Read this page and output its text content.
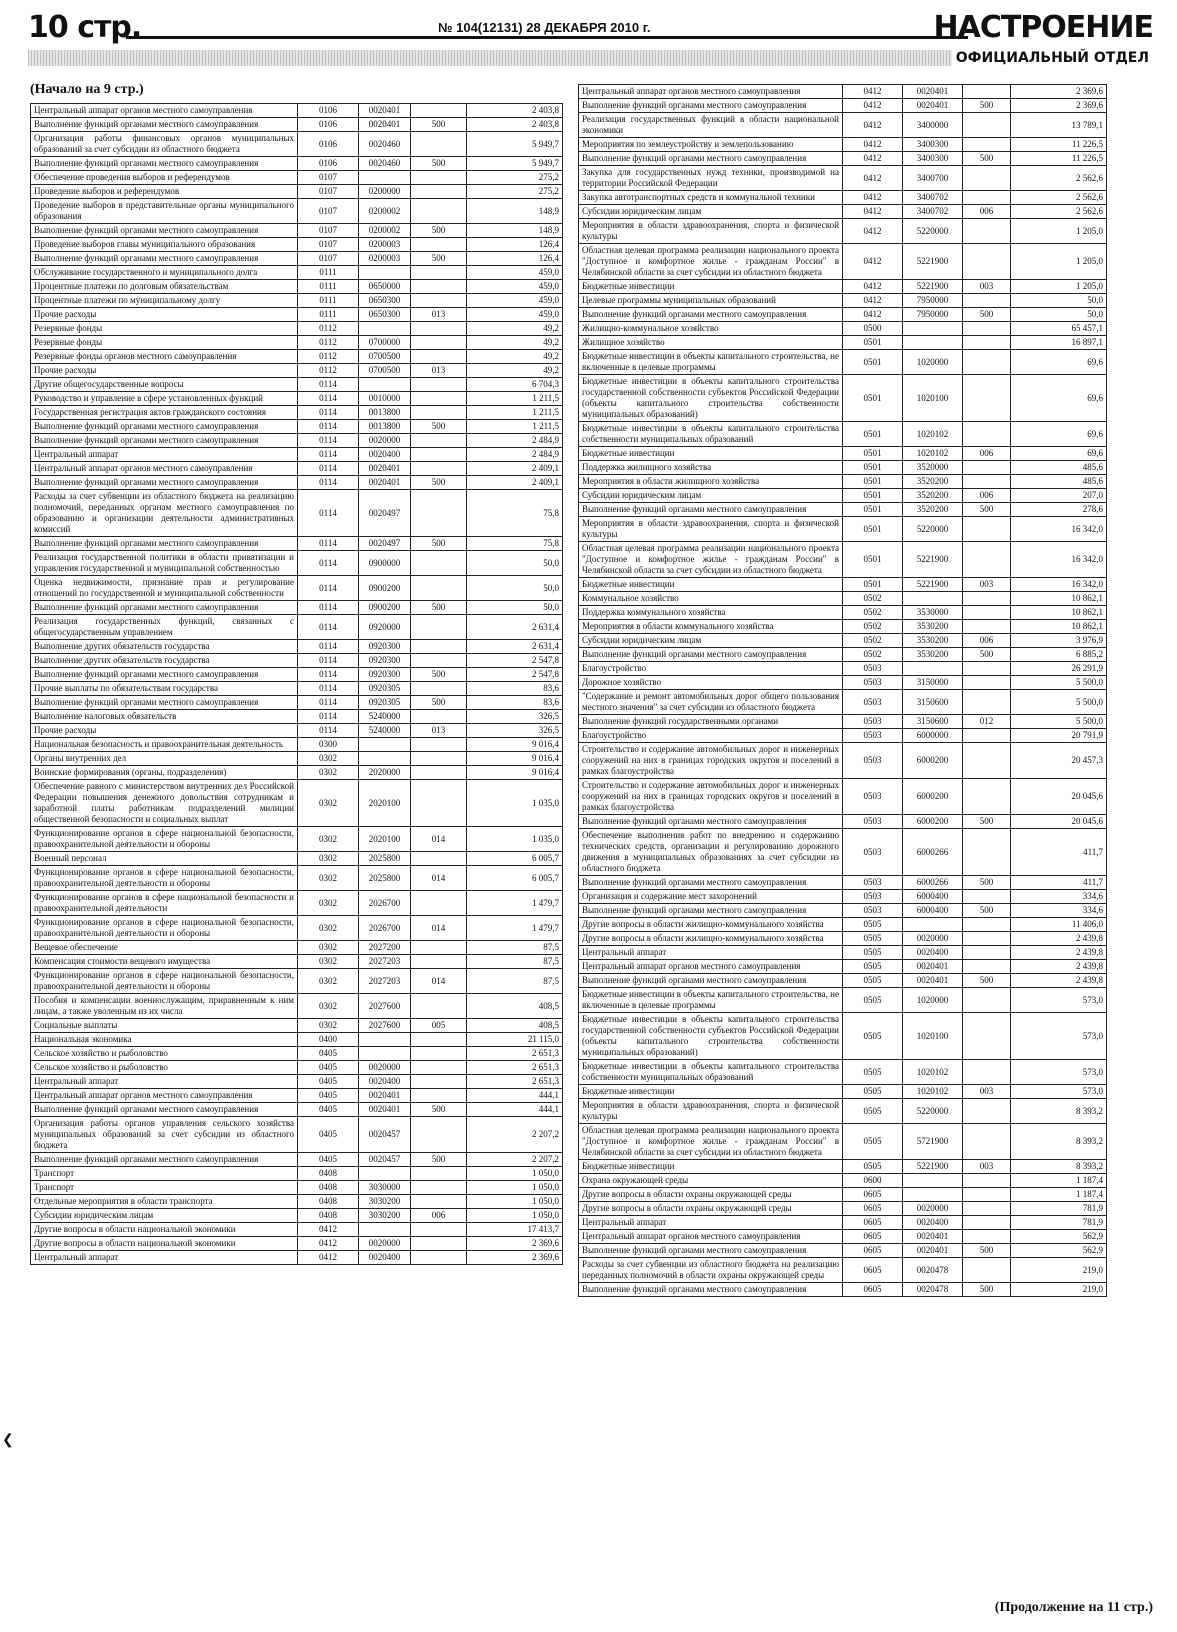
10 стр.	№ 104(12131) 28 ДЕКАБРЯ 2010 г.	НАСТРОЕНИЕ
ОФИЦИАЛЬНЫЙ ОТДЕЛ
(Начало на 9 стр.)
Центральный аппарат органов местного самоуправления	0106	0020401		2 403,8
Выполнение функций органами местного самоуправления	0106	0020401	500	2 403,8
Организация работы финансовых органов муниципальных образований за счет субсидии из областного бюджета	0106	0020460		5 949,7
Выполнение функций органами местного самоуправления	0106	0020460	500	5 949,7
Обеспечение проведения выборов и референдумов	0107			275,2
Проведение выборов и референдумов	0107	0200000		275,2
Проведение выборов в представительные органы муниципального образования	0107	0200002		148,9
Выполнение функций органами местного самоуправления	0107	0200002	500	148,9
Проведение выборов главы муниципального образования	0107	0200003		126,4
Выполнение функций органами местного самоуправления	0107	0200003	500	126,4
Обслуживание государственного и муниципального долга	0111			459,0
Процентные платежи по долговым обязательствам	0111	0650000		459,0
Процентные платежи по муниципальному долгу	0111	0650300		459,0
Прочие расходы	0111	0650300	013	459,0
Резервные фонды	0112			49,2
Резервные фонды	0112	0700000		49,2
Резервные фонды органов местного самоуправления	0112	0700500		49,2
Прочие расходы	0112	0700500	013	49,2
Другие общегосударственные вопросы	0114			6 704,3
Руководство и управление в сфере установленных функций	0114	0010000		1 211,5
Государственная регистрация актов гражданского состояния	0114	0013800		1 211,5
Выполнение функций органами местного самоуправления	0114	0013800	500	1 211,5
Выполнение функций органами местного самоуправления	0114	0020000		2 484,9
Центральный аппарат	0114	0020400		2 484,9
Центральный аппарат органов местного самоуправления	0114	0020401		2 409,1
Выполнение функций органами местного самоуправления	0114	0020401	500	2 409,1
Расходы за счет субвенции из областного бюджета на реализацию полномочий, переданных органам местного самоуправления по образованию и организации деятельности административных комиссий	0114	0020497		75,8
Выполнение функций органами местного самоуправления	0114	0020497	500	75,8
Реализация государственной политики в области приватизации и управления государственной и муниципальной собственностью	0114	0900000		50,0
Оценка недвижимости, признание прав и регулирование отношений по государственной и муниципальной собственности	0114	0900200		50,0
Выполнение функций органами местного самоуправления	0114	0900200	500	50,0
Реализация государственных функций, связанных с общегосударственным управлением	0114	0920000		2 631,4
Выполнение других обязательств государства	0114	0920300		2 631,4
Выполнение других обязательств государства	0114	0920300		2 547,8
Выполнение функций органами местного самоуправления	0114	0920300	500	2 547,8
Прочие выплаты по обязательствам государства	0114	0920305		83,6
Выполнение функций органами местного самоуправления	0114	0920305	500	83,6
Выполнение налоговых обязательств	0114	5240000		326,5
Прочие расходы	0114	5240000	013	326,5
Национальная безопасность и правоохранительная деятельность	0300			9 016,4
Органы внутренних дел	0302			9 016,4
Воинские формирования (органы, подразделения)	0302	2020000		9 016,4
Обеспечение равного с министерством внутренних дел Российской Федерации повышения денежного довольствия сотрудникам и заработной платы работникам подразделений милиции общественной безопасности и социальных выплат	0302	2020100		1 035,0
Функционирование органов в сфере национальной безопасности, правоохранительной деятельности и обороны	0302	2020100	014	1 035,0
Военный персонал	0302	2025800		6 005,7
Функционирование органов в сфере национальной безопасности, правоохранительной деятельности и обороны	0302	2025800	014	6 005,7
Функционирование органов в сфере национальной безопасности и правоохранительной деятельности	0302	2026700		1 479,7
Функционирование органов в сфере национальной безопасности, правоохранительной деятельности и обороны	0302	2026700	014	1 479,7
Вещевое обеспечение	0302	2027200		87,5
Компенсация стоимости вещевого имущества	0302	2027203		87,5
Функционирование органов в сфере национальной безопасности, правоохранительной деятельности и обороны	0302	2027203	014	87,5
Пособия и компенсации военнослужащим, приравненным к ним лицам, а также уволенным из их числа	0302	2027600		408,5
Социальные выплаты	0302	2027600	005	408,5
Национальная экономика	0400			21 115,0
Сельское хозяйство и рыболовство	0405			2 651,3
Сельское хозяйство и рыболовство	0405	0020000		2 651,3
Центральный аппарат	0405	0020400		2 651,3
Центральный аппарат органов местного самоуправления	0405	0020401		444,1
Выполнение функций органами местного самоуправления	0405	0020401	500	444,1
Организация работы органов управления сельского хозяйства муниципальных образований за счет субсидии из областного бюджета	0405	0020457		2 207,2
Выполнение функций органами местного самоуправления	0405	0020457	500	2 207,2
Транспорт	0408			1 050,0
Транспорт	0408	3030000		1 050,0
Отдельные мероприятия в области транспорта	0408	3030200		1 050,0
Субсидии юридическим лицам	0408	3030200	006	1 050,0
Другие вопросы в области национальной экономики	0412			17 413,7
Другие вопросы в области национальной экономики	0412	0020000		2 369,6
Центральный аппарат	0412	0020400		2 369,6
Центральный аппарат органов местного самоуправления	0412	0020401		2 369,6
Выполнение функций органами местного самоуправления	0412	0020401	500	2 369,6
Реализация государственных функций в области национальной экономики	0412	3400000		13 789,1
Мероприятия по землеустройству и землепользованию	0412	3400300		11 226,5
Выполнение функций органами местного самоуправления	0412	3400300	500	11 226,5
Закупка для государственных нужд техники, производимой на территории Российской Федерации	0412	3400700		2 562,6
Закупка автотранспортных средств и коммунальной техники	0412	3400702		2 562,6
Субсидии юридическим лицам	0412	3400702	006	2 562,6
Мероприятия в области здравоохранения, спорта и физической культуры	0412	5220000		1 205,0
Областная целевая программа реализации национального проекта "Доступное и комфортное жилье - гражданам России" в Челябинской области за счет субсидии из областного бюджета	0412	5221900		1 205,0
Бюджетные инвестиции	0412	5221900	003	1 205,0
Целевые программы муниципальных образований	0412	7950000		50,0
Выполнение функций органами местного самоуправления	0412	7950000	500	50,0
Жилищно-коммунальное хозяйство	0500			65 457,1
Жилищное хозяйство	0501			16 897,1
Бюджетные инвестиции в объекты капитального строительства, не включенные в целевые программы	0501	1020000		69,6
Бюджетные инвестиции в объекты капитального строительства государственной собственности субъектов Российской Федерации (объекты капитального строительства собственности муниципальных образований)	0501	1020100		69,6
Бюджетные инвестиции в объекты капитального строительства собственности муниципальных образований	0501	1020102		69,6
Бюджетные инвестиции	0501	1020102	006	69,6
Поддержка жилищного хозяйства	0501	3520000		485,6
Мероприятия в области жилищного хозяйства	0501	3520200		485,6
Субсидии юридическим лицам	0501	3520200	006	207,0
Выполнение функций органами местного самоуправления	0501	3520200	500	278,6
Мероприятия в области здравоохранения, спорта и физической культуры	0501	5220000		16 342,0
Областная целевая программа реализации национального проекта "Доступное и комфортное жилье - гражданам России" в Челябинской области за счет субсидии из областного бюджета	0501	5221900		16 342,0
Бюджетные инвестиции	0501	5221900	003	16 342,0
Коммунальное хозяйство	0502			10 862,1
Поддержка коммунального хозяйства	0502	3530000		10 862,1
Мероприятия в области коммунального хозяйства	0502	3530200		10 862,1
Субсидии юридическим лицам	0502	3530200	006	3 976,9
Выполнение функций органами местного самоуправления	0502	3530200	500	6 885,2
Благоустройство	0503			26 291,9
Дорожное хозяйство	0503	3150000		5 500,0
"Содержание и ремонт автомобильных дорог общего пользования местного значения" за счет субсидии из областного бюджета	0503	3150600		5 500,0
Выполнение функций государственными органами	0503	3150600	012	5 500,0
Благоустройство	0503	6000000		20 791,9
Строительство и содержание автомобильных дорог и инженерных сооружений на них в границах городских округов и поселений в рамках благоустройства	0503	6000200		20 457,3
Строительство и содержание автомобильных дорог и инженерных сооружений на них в границах городских округов и поселений в рамках благоустройства	0503	6000200		20 045,6
Выполнение функций органами местного самоуправления	0503	6000200	500	20 045,6
Обеспечение выполнения работ по внедрению и содержанию технических средств, организации и регулированию дорожного движения в муниципальных образованиях за счет субсидии из областного бюджета	0503	6000266		411,7
Выполнение функций органами местного самоуправления	0503	6000266	500	411,7
Организация и содержание мест захоронений	0503	6000400		334,6
Выполнение функций органами местного самоуправления	0503	6000400	500	334,6
Другие вопросы в области жилищно-коммунального хозяйства	0505			11 406,0
Другие вопросы в области жилищно-коммунального хозяйства	0505	0020000		2 439,8
Центральный аппарат	0505	0020400		2 439,8
Центральный аппарат органов местного самоуправления	0505	0020401		2 439,8
Выполнение функций органами местного самоуправления	0505	0020401	500	2 439,8
Бюджетные инвестиции в объекты капитального строительства, не включенные в целевые программы	0505	1020000		573,0
Бюджетные инвестиции в объекты капитального строительства государственной собственности субъектов Российской Федерации (объекты капитального строительства собственности муниципальных образований)	0505	1020100		573,0
Бюджетные инвестиции в объекты капитального строительства собственности муниципальных образований	0505	1020102		573,0
Бюджетные инвестиции	0505	1020102	003	573,0
Мероприятия в области здравоохранения, спорта и физической культуры	0505	5220000		8 393,2
Областная целевая программа реализации национального проекта "Доступное и комфортное жилье - гражданам России" в Челябинской области за счет субсидии из областного бюджета	0505	5721900		8 393,2
Бюджетные инвестиции	0505	5221900	003	8 393,2
Охрана окружающей среды	0600			1 187,4
Другие вопросы в области охраны окружающей среды	0605			1 187,4
Другие вопросы в области охраны окружающей среды	0605	0020000		781,9
Центральный аппарат	0605	0020400		781,9
Центральный аппарат органов местного самоуправления	0605	0020401		562,9
Выполнение функций органами местного самоуправления	0605	0020401	500	562,9
Расходы за счет субвенции из областного бюджета на реализацию переданных полномочий в области охраны окружающей среды	0605	0020478		219,0
Выполнение функций органами местного самоуправления	0605	0020478	500	219,0
(Продолжение на 11 стр.)
❮
